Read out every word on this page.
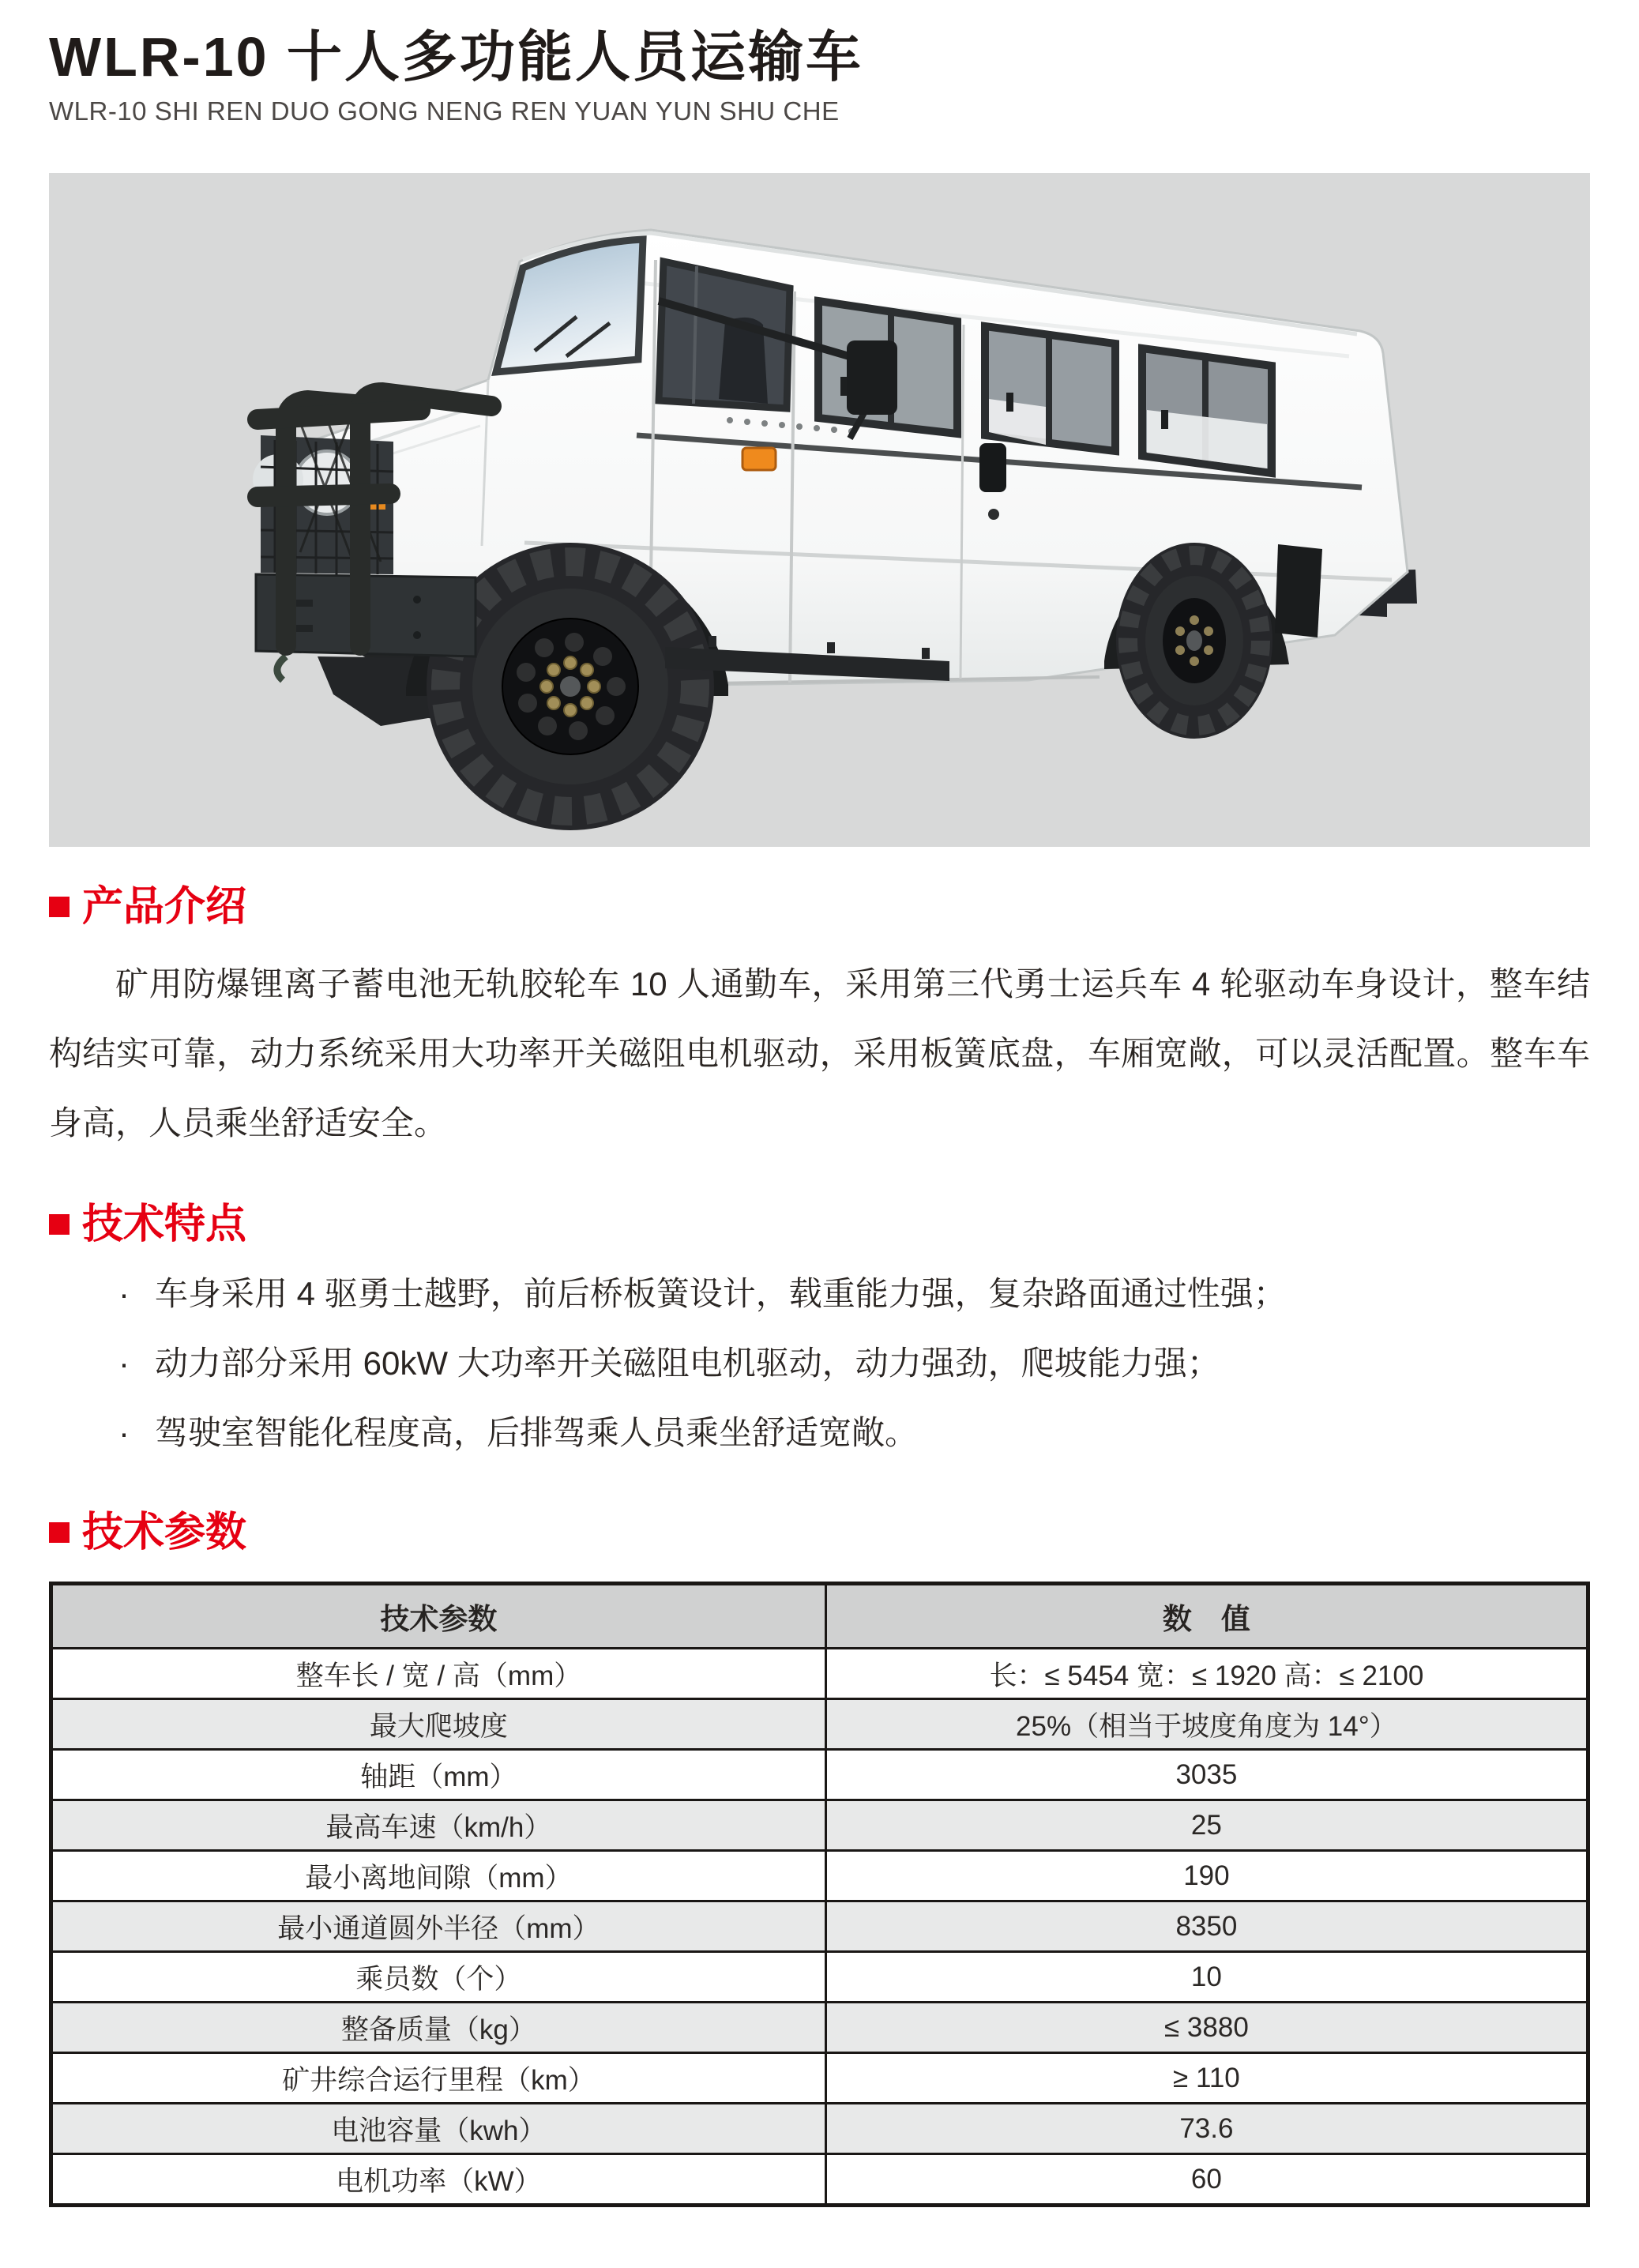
WLR-10 十人多功能人员运输车
WLR-10 SHI REN DUO GONG NENG REN YUAN YUN SHU CHE
产品介绍

矿用防爆锂离子蓄电池无轨胶轮车 10 人通勤车，采用第三代勇士运兵车 4 轮驱动车身设计，整车结构结实可靠，动力系统采用大功率开关磁阻电机驱动，采用板簧底盘，车厢宽敞，可以灵活配置。整车车身高，人员乘坐舒适安全。

技术特点
· 车身采用 4 驱勇士越野，前后桥板簧设计，载重能力强，复杂路面通过性强；
· 动力部分采用 60kW 大功率开关磁阻电机驱动，动力强劲，爬坡能力强；
· 驾驶室智能化程度高，后排驾乘人员乘坐舒适宽敞。
技术参数
技术参数	数　值
整车长 / 宽 / 高（mm）	长：≤ 5454 宽：≤ 1920 高：≤ 2100
最大爬坡度	25%（相当于坡度角度为 14°）
轴距（mm）	3035
最高车速（km/h）	25
最小离地间隙（mm）	190
最小通道圆外半径（mm）	8350
乘员数（个）	10
整备质量（kg）	≤ 3880
矿井综合运行里程（km）	≥ 110
电池容量（kwh）	73.6
电机功率（kW）	60
